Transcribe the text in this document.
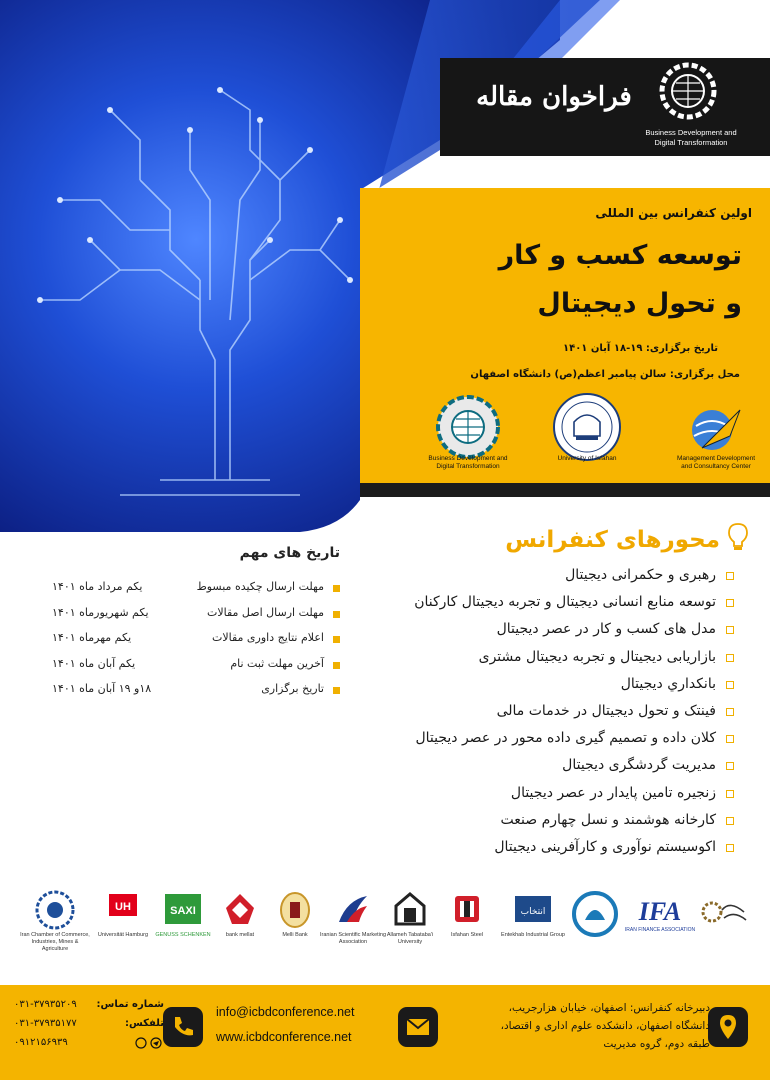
فراخوان مقاله
Business Development and
Digital Transformation
اولین کنفرانس بین المللی
توسعه کسب و کار
و تحول دیجیتال
تاریخ برگزاری: ۱۹-۱۸ آبان ۱۴۰۱
محل برگزاری: سالن پیامبر اعظم(ص) دانشگاه اصفهان
Management Development
and Consultancy Center
University of Isfahan
Business Development and
Digital Transformation
محورهای کنفرانس
رهبری و حکمرانی دیجیتال
توسعه منابع انسانی دیجیتال و تجربه دیجیتال کارکنان
مدل های کسب و کار در عصر دیجیتال
بازاریابی دیجیتال و تجربه دیجیتال مشتری
بانکداري دیجیتال
فینتک و تحول دیجیتال در خدمات مالی
کلان داده و تصمیم گیری داده محور در عصر دیجیتال
مدیریت گردشگری دیجیتال
زنجیره تامین پایدار در عصر دیجیتال
کارخانه هوشمند و نسل چهارم صنعت
اکوسیستم نوآوری و کارآفرینی دیجیتال
تاریخ های مهم
مهلت ارسال چکیده مبسوط
یکم مرداد ماه ۱۴۰۱
مهلت ارسال اصل مقالات
یکم شهریورماه ۱۴۰۱
اعلام نتایج داوری مقالات
یکم مهرماه ۱۴۰۱
آخرین مهلت ثبت نام
یکم آبان ماه ۱۴۰۱
تاریخ برگزاری
۱۸و ۱۹ آبان ماه ۱۴۰۱
Iran Chamber of Commerce, Industries, Mines & Agriculture
UH
Universität Hamburg
SAXI
GENUSS SCHENKEN	bank mellat	Melli Bank	Iranian Scientific Marketing Association
Allameh Tabataba'i University
Isfahan Steel
انتخاب
Entekhab Industrial Group
IFA
IRAN FINANCE ASSOCIATION
دبیرخانه کنفرانس: اصفهان، خیابان هزارجریب،
دانشگاه اصفهان، دانشکده علوم اداری و اقتصاد،
طبقه دوم، گروه مدیریت
info@icbdconference.net
www.icbdconference.net
شماره تماس:
۰۳۱-۳۷۹۳۵۲۰۹
تلفکس:
۰۳۱-۳۷۹۳۵۱۷۷
۰۹۱۲۱۵۶۹۳۹
